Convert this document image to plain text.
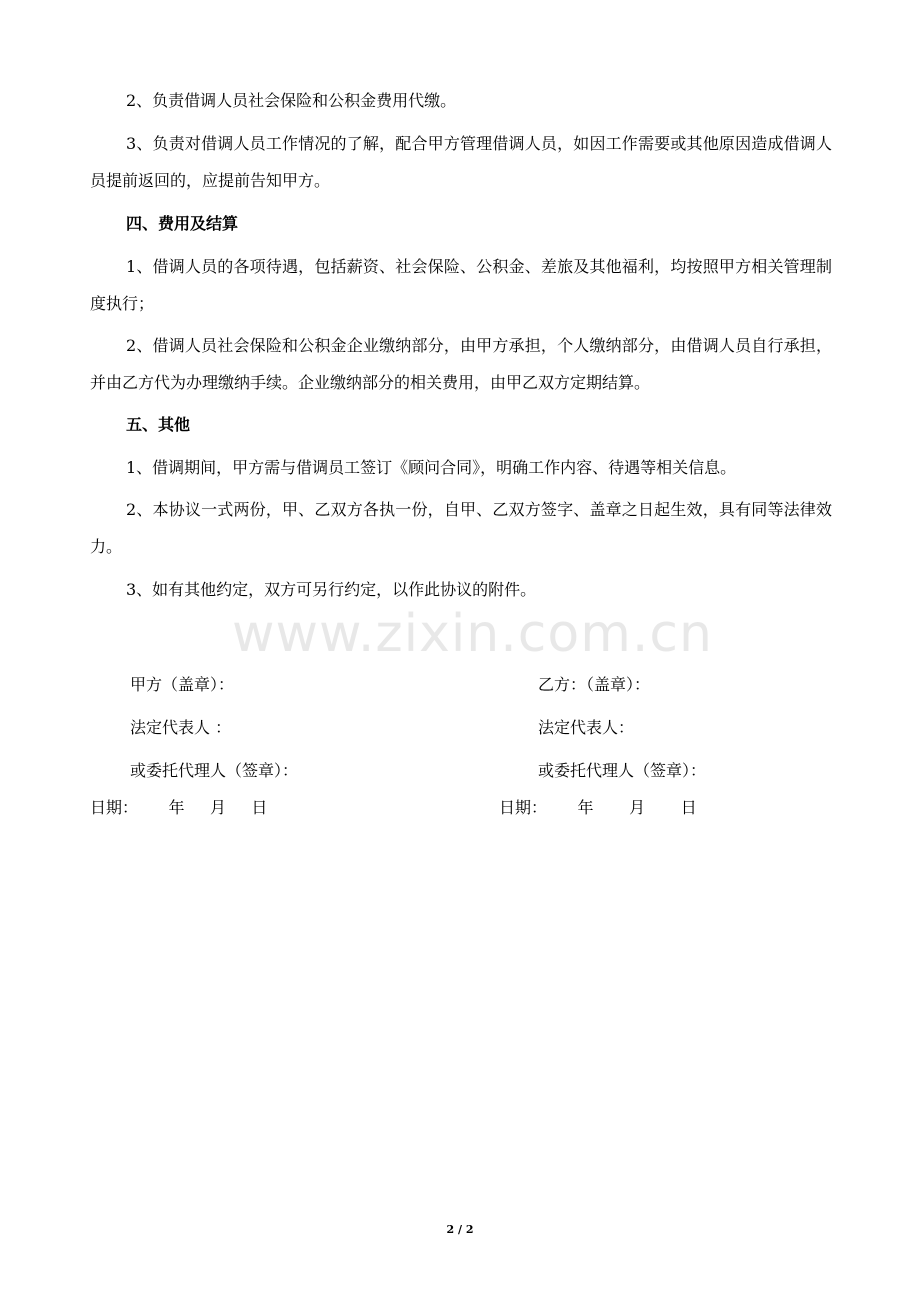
2、负责借调人员社会保险和公积金费用代缴。

3、负责对借调人员工作情况的了解，配合甲方管理借调人员，如因工作需要或其他原因造成借调人员提前返回的，应提前告知甲方。

四、费用及结算

1、借调人员的各项待遇，包括薪资、社会保险、公积金、差旅及其他福利，均按照甲方相关管理制度执行；

2、借调人员社会保险和公积金企业缴纳部分，由甲方承担，个人缴纳部分，由借调人员自行承担，并由乙方代为办理缴纳手续。企业缴纳部分的相关费用，由甲乙双方定期结算。

五、其他

1、借调期间，甲方需与借调员工签订《顾问合同》，明确工作内容、待遇等相关信息。

2、本协议一式两份，甲、乙双方各执一份，自甲、乙双方签字、盖章之日起生效，具有同等法律效力。

3、如有其他约定，双方可另行约定，以作此协议的附件。

www.zixin.com.cn
甲方（盖章）：
法定代表人 ：
或委托代理人（签章）：
日期：      年     月     日
乙方：（盖章）：
法定代表人：
或委托代理人（签章）：
日期：      年       月       日
2 / 2
